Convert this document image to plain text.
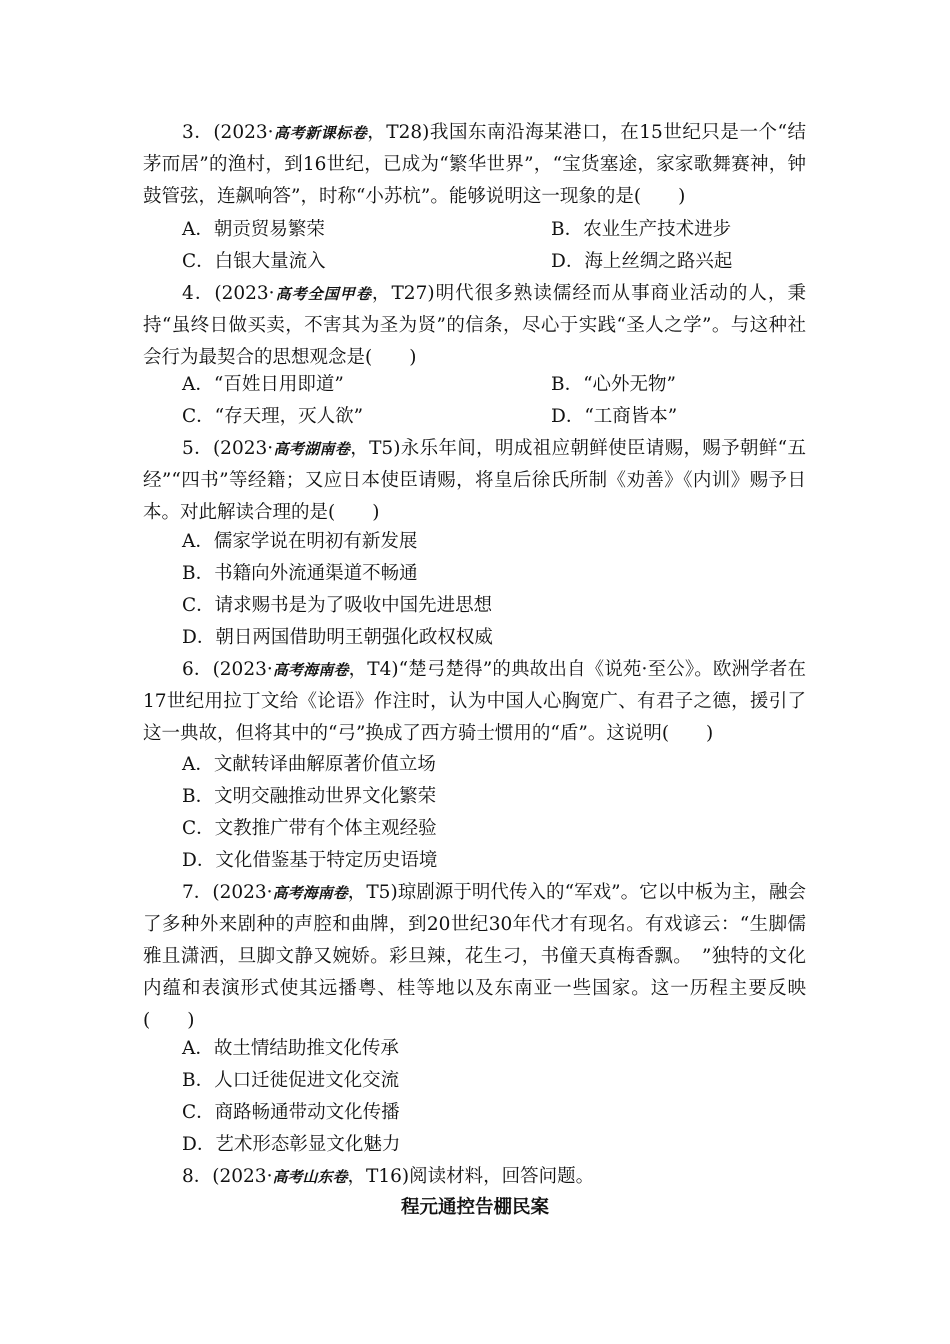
3．(2023·高考新课标卷，T28)我国东南沿海某港口，在15世纪只是一个“结茅而居”的渔村，到16世纪，已成为“繁华世界”，“宝货塞途，家家歌舞赛神，钟鼓管弦，连飙响答”，时称“小苏杭”。能够说明这一现象的是(　　)

A．朝贡贸易繁荣	B．农业生产技术进步

C．白银大量流入	D．海上丝绸之路兴起

4．(2023·高考全国甲卷，T27)明代很多熟读儒经而从事商业活动的人，秉持“虽终日做买卖，不害其为圣为贤”的信条，尽心于实践“圣人之学”。与这种社会行为最契合的思想观念是(　　)

A．“百姓日用即道”	B．“心外无物”

C．“存天理，灭人欲”	D．“工商皆本”

5．(2023·高考湖南卷，T5)永乐年间，明成祖应朝鲜使臣请赐，赐予朝鲜“五经”“四书”等经籍；又应日本使臣请赐，将皇后徐氏所制《劝善》《内训》赐予日本。对此解读合理的是(　　)

A．儒家学说在明初有新发展

B．书籍向外流通渠道不畅通

C．请求赐书是为了吸收中国先进思想

D．朝日两国借助明王朝强化政权权威

6．(2023·高考海南卷，T4)“楚弓楚得”的典故出自《说苑·至公》。欧洲学者在17世纪用拉丁文给《论语》作注时，认为中国人心胸宽广、有君子之德，援引了这一典故，但将其中的“弓”换成了西方骑士惯用的“盾”。这说明(　　)

A．文献转译曲解原著价值立场

B．文明交融推动世界文化繁荣

C．文教推广带有个体主观经验

D．文化借鉴基于特定历史语境

7．(2023·高考海南卷，T5)琼剧源于明代传入的“军戏”。它以中板为主，融会了多种外来剧种的声腔和曲牌，到20世纪30年代才有现名。有戏谚云：“生脚儒雅且潇洒，旦脚文静又婉娇。彩旦辣，花生刁，书僮天真梅香飘。　”独特的文化内蕴和表演形式使其远播粤、桂等地以及东南亚一些国家。这一历程主要反映(　　)

A．故土情结助推文化传承

B．人口迁徙促进文化交流

C．商路畅通带动文化传播

D．艺术形态彰显文化魅力

8．(2023·高考山东卷，T16)阅读材料，回答问题。

程元通控告棚民案
